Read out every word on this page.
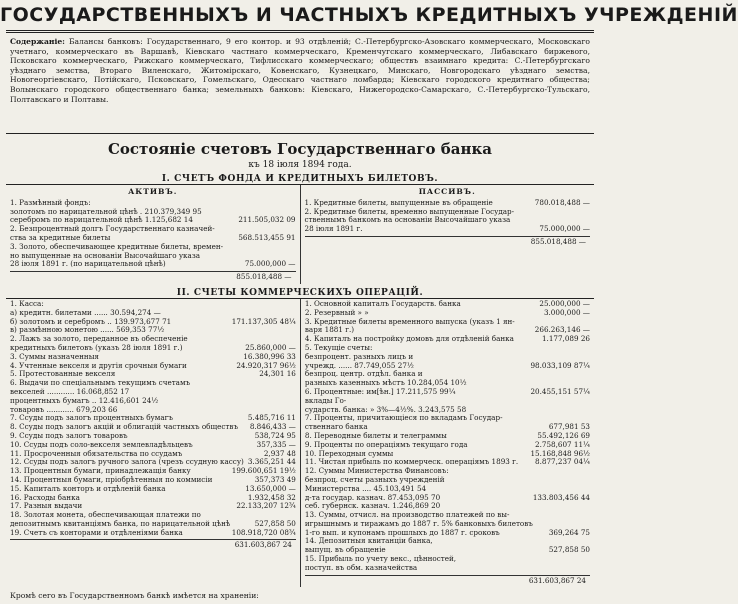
ГОСУДАРСТВЕННЫХЪ И ЧАСТНЫХЪ КРЕДИТНЫХЪ УЧРЕЖДЕНІЙ
Содержаніе: Балансы банковъ: Государственнаго, 9 его контор. и 93 отдѣленій; С.-Петербургско-Азовскаго коммерческаго, Московскаго учетнаго, коммерческаго въ Варшавѣ, Кіевскаго частнаго коммерческаго, Кременчугскаго коммерческаго, Либавскаго биржевого, Псковскаго коммерческаго, Рижскаго коммерческаго, Тифлисскаго коммерческаго; обществъ взаимнаго кредита: С.-Петербургскаго уѣзднаго земства, Вторaго Виленскаго, Житомірскаго, Ковенскаго, Кузнецкаго, Минскаго, Новгородскаго уѣзднаго земства, Новогеоргіевскаго, Потійскаго, Псковскаго, Гомельскаго, Одесскаго частнаго ломбарда; Кіевскаго городского кредитнаго общества; Волынскаго городского общественнаго банка; земельныхъ банковъ: Кіевскаго, Нижегородско-Самарскаго, С.-Петербургско-Тульскаго, Полтавскаго и Полтавы.
Состояніе счетовъ Государственнаго банка
къ 18 іюля 1894 года.
I. СЧЕТЪ ФОНДА И КРЕДИТНЫХЪ БИЛЕТОВЪ.
АКТИВЪ.
1. Размѣнный фондъ:
золотомъ по нарицательной цѣнѣ . 210.379,349 95
серебромъ по нарицательной цѣнѣ 1.125,682 14	211.505,032 09
2. Безпроцентный долгъ Государственнаго казначей-
ства за кредитные билеты	568.513,455 91
3. Золото, обеспечивающее кредитные билеты, времен-
но выпущенные на основаніи Высочайшаго указа
28 іюля 1891 г. (по нарицательной цѣнѣ)	75.000,000 —
855.018,488 —
ПАССИВЪ.
1. Кредитные билеты, выпущенные въ обращеніе	780.018,488 —
2. Кредитные билеты, временно выпущенные Государ-
ственнымъ банкомъ на основаніи Высочайшаго указа
28 іюля 1891 г.	75.000,000 —
855.018,488 —
II. СЧЕТЫ КОММЕРЧЕСКИХЪ ОПЕРАЦІЙ.
1. Касса:
а) кредитн. билетами ...... 30.594,274 —
б) золотомъ и серебромъ .. 139.973,677 71	171.137,305 48¼
в) размѣнною монетою ...... 569,353 77½
2. Лажъ за золото, переданное въ обеспеченіе
кредитныхъ билетовъ (указъ 28 іюля 1891 г.)	25.860,000 —
3. Суммы назначенныя	16.380,996 33
4. Учтенные векселя и другія срочныя бумаги	24.920,317 96½
5. Протестованные векселя	24,301 16
6. Выдачи по спеціальнымъ текущимъ счетамъ
векселей ............ 16.068,852 17
процентныхъ бумагъ .. 12.416,601 24½
товаровъ ............ 679,203 66
7. Ссуды подъ залогъ процентныхъ бумагъ	5.485,716 11
8. Ссуды подъ залогъ акцій и облигацій частныхъ обществъ	8.846,433 —
9. Ссуды подъ залогъ товаровъ	538,724 95
10. Ссуды подъ соло-векселя землевладѣльцевъ	357,335 —
11. Просроченныя обязательства по ссудамъ	2,937 48
12. Ссуды подъ залогъ ручного залога (чрезъ ссудную кассу) 3.365,251 44
13. Процентныя бумаги, принадлежащія банку	199.600,651 19½
14. Процентныя бумаги, пріобрѣтенныя по коммисіи	357,373 49
15. Капиталъ конторъ и отдѣленій банка	13.650,000 —
16. Расходы банка	1.932,458 32
17. Разныя выдачи	22.133,207 12¾
18. Золотая монета, обеспечивающая платежи по
депозитнымъ квитанціямъ банка, по нарицательной цѣнѣ	527,858 50
19. Счетъ съ конторами и отдѣленіями банка	108.918,720 08¾
631.603,867 24
1. Основной капиталъ Государств. банка	25.000,000 —
2. Резервный » »	3.000,000 —
3. Кредитные билеты временного выпуска (указъ 1 ян-
варя 1881 г.)	266.263,146 —
4. Капиталъ на постройку домовъ для отдѣленій банка	1.177,089 26
5. Текущіе счеты:
безпроцент. разныхъ лицъ и
учрежд. ...... 87.749,055 27½	98.033,109 87¼
безпроц. центр. отдѣл. банка и
разныхъ казенныхъ мѣстъ 10.284,054 10½
6. Процентные: им[ѣн.] 17.211,575 99¼	20.455,151 57¼
вклады Го-
сударств. банка: » 3%—4½%. 3.243,575 58
7. Проценты, причитающіеся по вкладамъ Государ-
ственнаго банка	677,981 53
8. Переводные билеты и телеграммы	55.492,126 69
9. Проценты по операціямъ текущаго года	2.758,607 11¼
10. Переходныя суммы	15.168,848 96½
11. Чистая прибыль по коммерческ. операціямъ 1893 г.	8.877,237 04¼
12. Суммы Министерства Финансовъ:
безпроц. счеты разныхъ учрежденій
Министерства .... 45.103,491 54
д-та государ. казнач. 87.453,095 70	133.803,456 44
себ. губернск. казнач. 1.246,869 20
13. Суммы, отчисл. на производство платежей по вы-
игрышнымъ и тиражамъ до 1887 г. 5% банковыхъ билетовъ
1-го вып. и купонамъ прошлыхъ до 1887 г. сроковъ	369,264 75
14. Депозитныя квитанціи банка,
выпущ. въ обращеніе	527,858 50
15. Прибыль по учету векс., цѣнностей,
поступ. въ обм. казначейства
631.603,867 24
Кромѣ сего въ Государственномъ банкѣ имѣется на храненіи:
